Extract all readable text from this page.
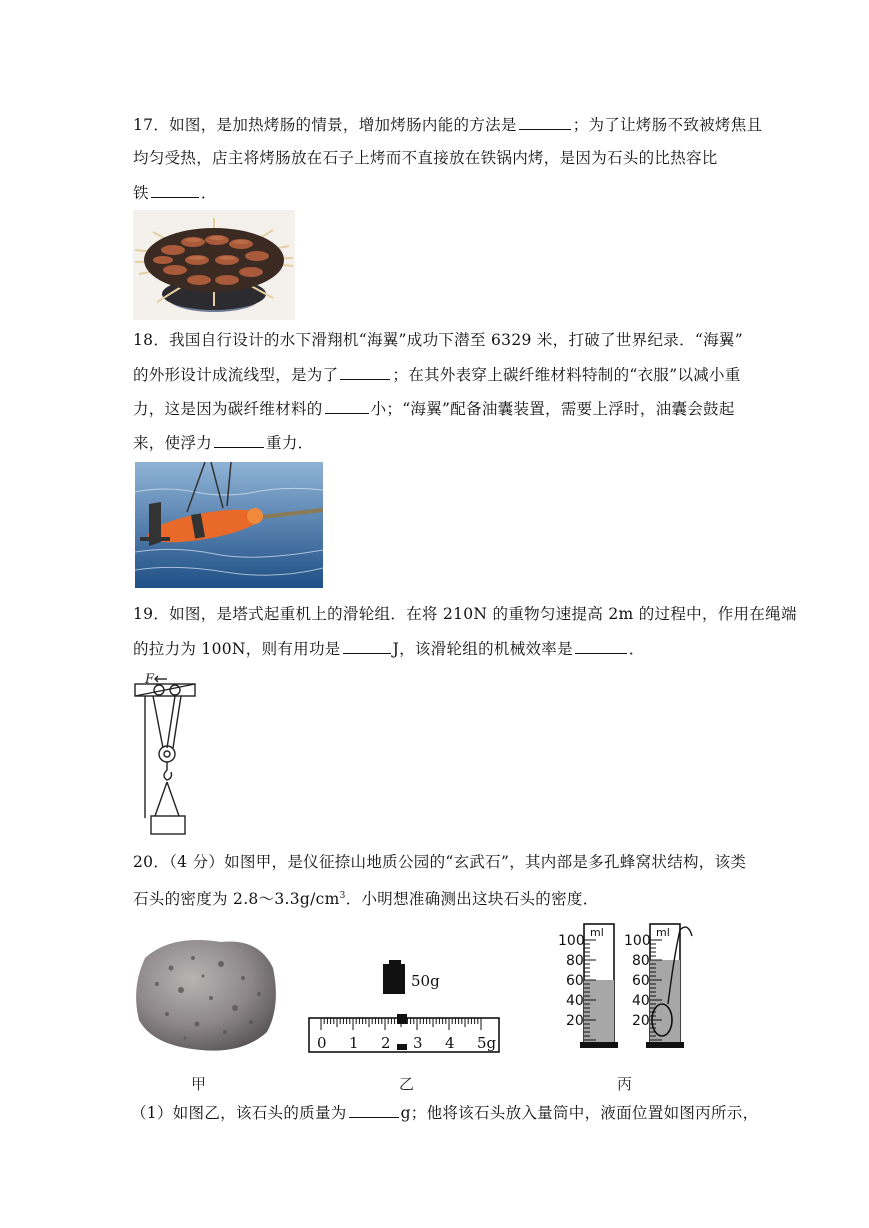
17．如图，是加热烤肠的情景，增加烤肠内能的方法是	；为了让烤肠不致被烤焦且
均匀受热，店主将烤肠放在石子上烤而不直接放在铁锅内烤，是因为石头的比热容比
铁	．
18．我国自行设计的水下滑翔机“海翼”成功下潜至 6329 米，打破了世界纪录．“海翼”
的外形设计成流线型，是为了	；在其外表穿上碳纤维材料特制的“衣服”以减小重
力，这是因为碳纤维材料的	小；“海翼”配备油囊装置，需要上浮时，油囊会鼓起
来，使浮力	重力．
19．如图，是塔式起重机上的滑轮组．在将 210N 的重物匀速提高 2m 的过程中，作用在绳端
的拉力为 100N，则有用功是	J，该滑轮组的机械效率是	．
F
20．（4 分）如图甲，是仪征捺山地质公园的“玄武石”，其内部是多孔蜂窝状结构，该类
石头的密度为 $2.8\sim 3.3g/cm^3$．小明想准确测出这块石头的密度．
甲
50g
0 1 2 3 4 5g
乙
ml
100
80
60
40
20
ml
100
80
60
40
20
丙
（1）如图乙，该石头的质量为	g；他将该石头放入量筒中，液面位置如图丙所示，
